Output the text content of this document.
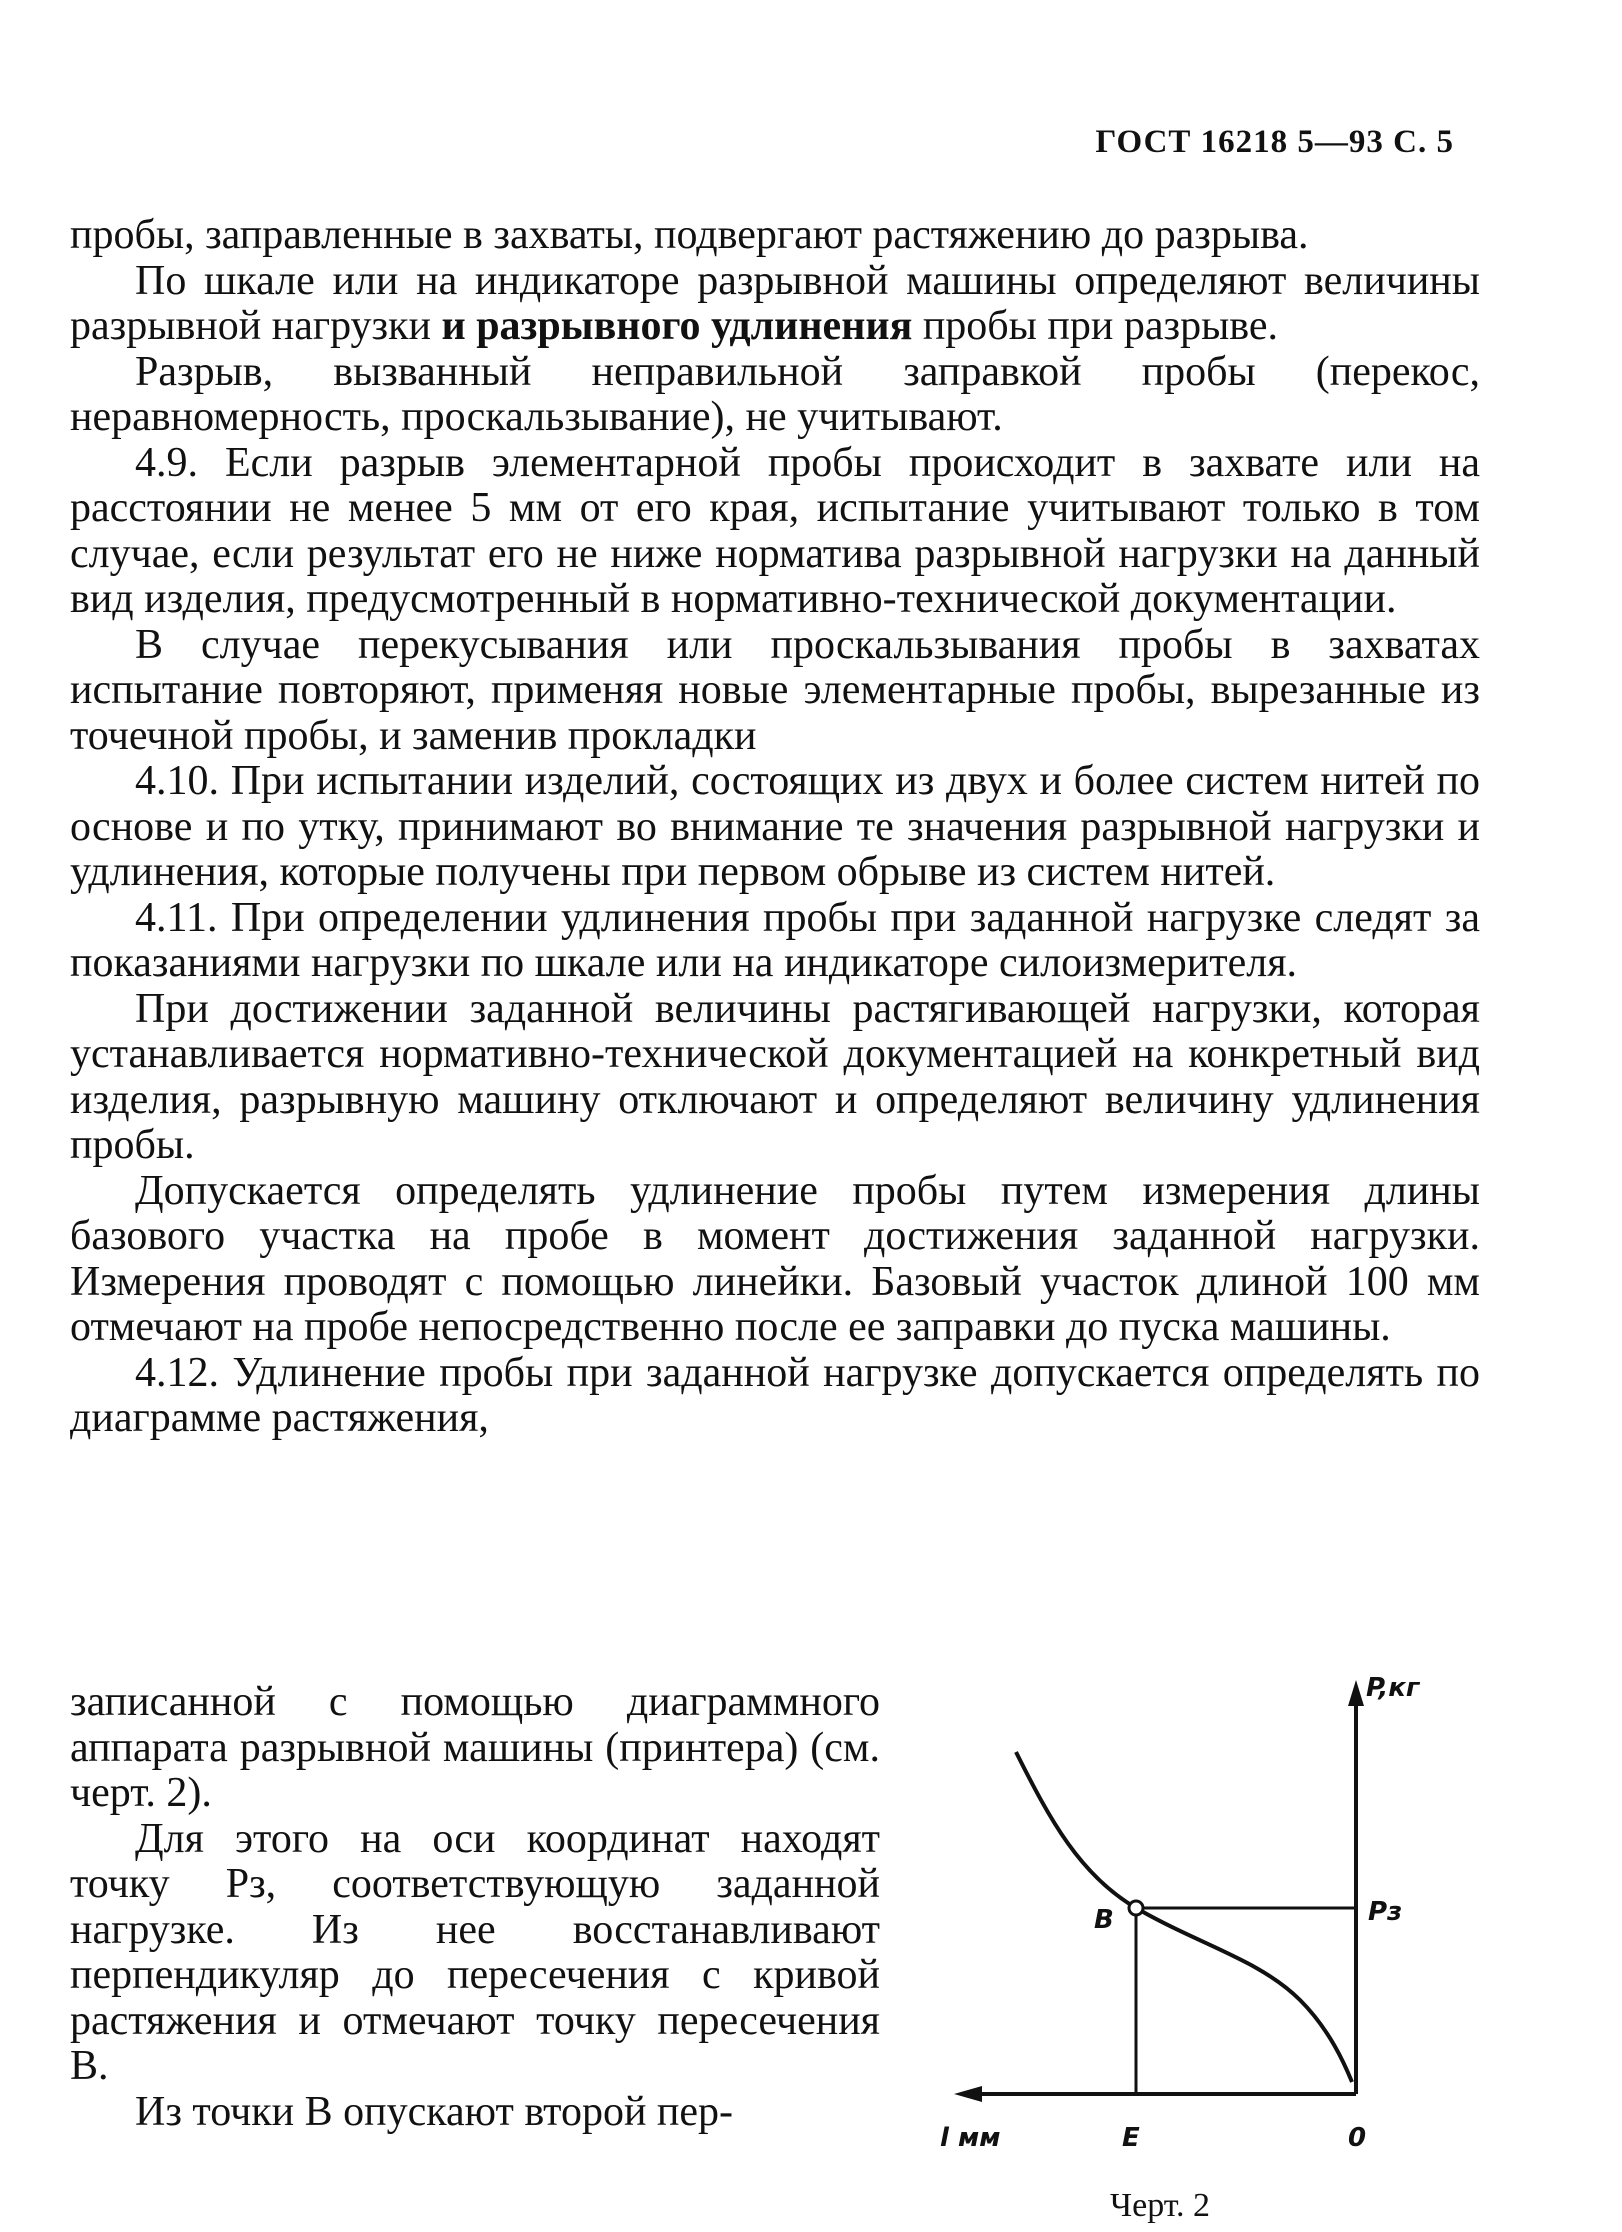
ГОСТ 16218 5—93 С. 5

пробы, заправленные в захваты, подвергают растяжению до разрыва.

По шкале или на индикаторе разрывной машины определяют величины разрывной нагрузки и разрывного удлинения пробы при разрыве.

Разрыв, вызванный неправильной заправкой пробы (перекос, неравномерность, проскальзывание), не учитывают.

4.9. Если разрыв элементарной пробы происходит в захвате или на расстоянии не менее 5 мм от его края, испытание учитывают только в том случае, если результат его не ниже норматива разрывной нагрузки на данный вид изделия, предусмотренный в нормативно-технической документации.

В случае перекусывания или проскальзывания пробы в захватах испытание повторяют, применяя новые элементарные пробы, вырезанные из точечной пробы, и заменив прокладки

4.10. При испытании изделий, состоящих из двух и более систем нитей по основе и по утку, принимают во внимание те значения разрывной нагрузки и удлинения, которые получены при первом обрыве из систем нитей.

4.11. При определении удлинения пробы при заданной нагрузке следят за показаниями нагрузки по шкале или на индикаторе силоизмерителя.

При достижении заданной величины растягивающей нагрузки, которая устанавливается нормативно-технической документацией на конкретный вид изделия, разрывную машину отключают и определяют величину удлинения пробы.

Допускается определять удлинение пробы путем измерения длины базового участка на пробе в момент достижения заданной нагрузки. Измерения проводят с помощью линейки. Базовый участок длиной 100 мм отмечают на пробе непосредственно после ее заправки до пуска машины.

4.12. Удлинение пробы при заданной нагрузке допускается определять по диаграмме растяжения,

записанной с помощью диаграммного аппарата разрывной машины (принтера) (см. черт. 2).

Для этого на оси координат находят точку Pз, соответствующую заданной нагрузке. Из нее восстанавливают перпендикуляр до пересечения с кривой растяжения и отмечают точку пересечения B.

Из точки B опускают второй пер-

P,кг
Pз
B
l мм	E	0
Черт. 2
